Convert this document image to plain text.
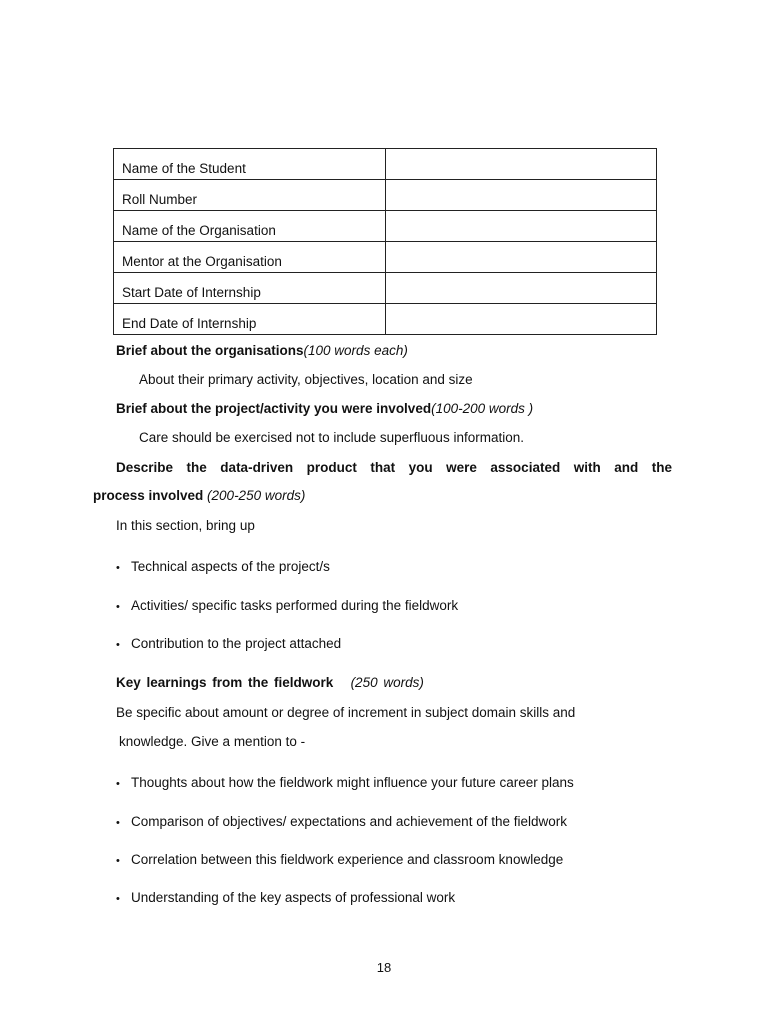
Name of the Student	
Roll Number	
Name of the Organisation	
Mentor at the Organisation	
Start Date of Internship	
End Date of Internship	
Brief about the organisations(100 words each)
About their primary activity, objectives, location and size
Brief about the project/activity you were involved(100-200 words )
Care should be exercised not to include superfluous information.
Describe the data-driven product that you were associated with and the
process involved (200-250 words)
In this section, bring up
• Technical aspects of the project/s
• Activities/ specific tasks performed during the fieldwork
• Contribution to the project attached
Key learnings from the fieldwork (250 words)
Be specific about amount or degree of increment in subject domain skills and
knowledge. Give a mention to -
• Thoughts about how the fieldwork might influence your future career plans
• Comparison of objectives/ expectations and achievement of the fieldwork
• Correlation between this fieldwork experience and classroom knowledge
• Understanding of the key aspects of professional work
18
